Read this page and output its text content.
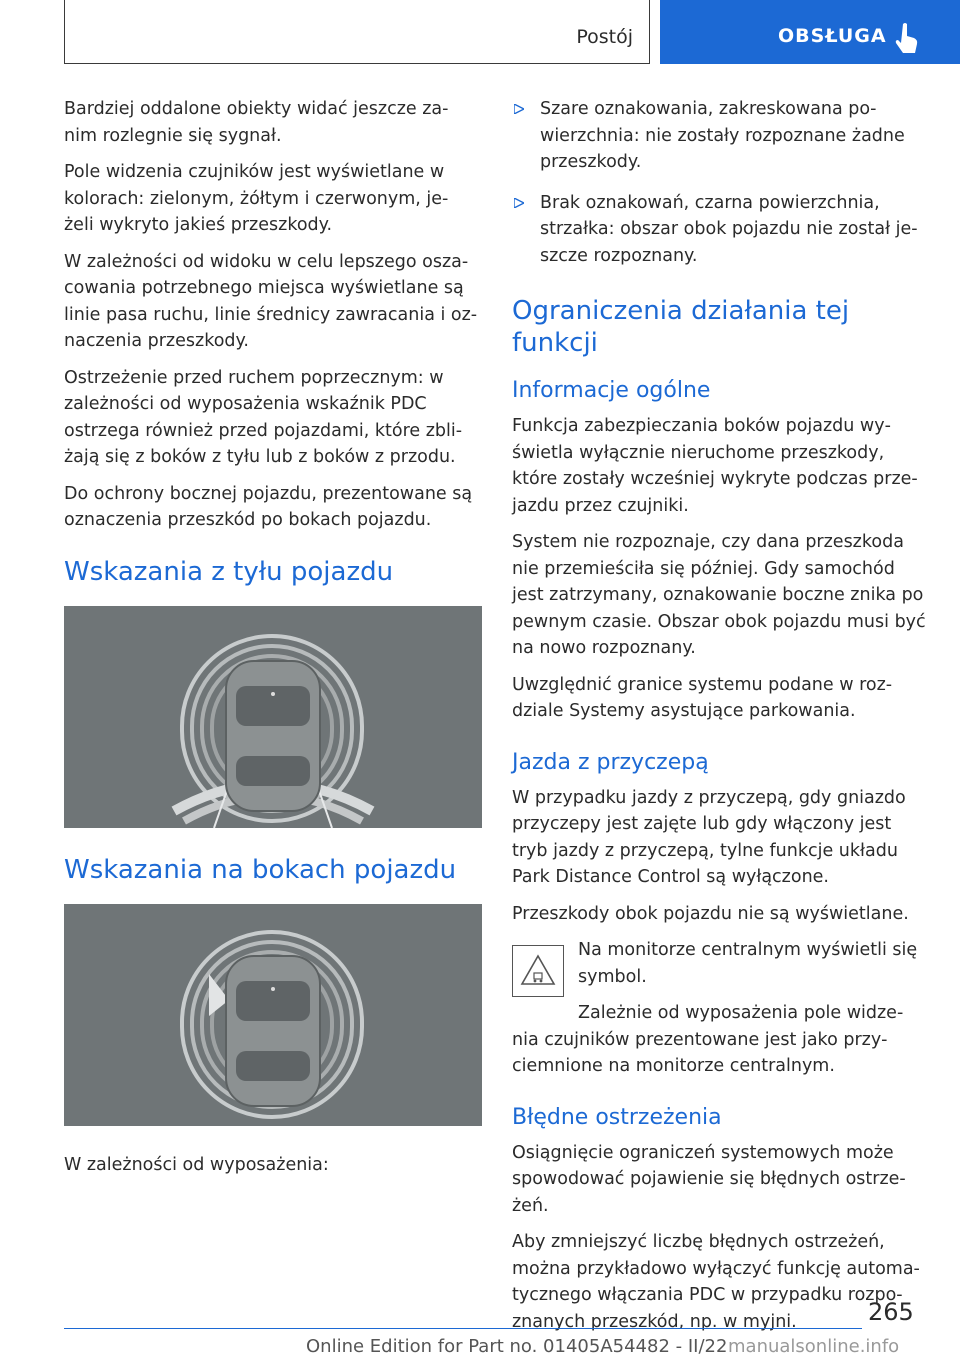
Postój	OBSŁUGA

Bardziej oddalone obiekty widać jeszcze za‐ nim rozlegnie się sygnał.

Pole widzenia czujników jest wyświetlane w kolorach: zielonym, żółtym i czerwonym, je‐ żeli wykryto jakieś przeszkody.

W zależności od widoku w celu lepszego osza‐ cowania potrzebnego miejsca wyświetlane są linie pasa ruchu, linie średnicy zawracania i oz‐ naczenia przeszkody.

Ostrzeżenie przed ruchem poprzecznym: w zależności od wyposażenia wskaźnik PDC ostrzega również przed pojazdami, które zbli‐ żają się z boków z tyłu lub z boków z przodu.

Do ochrony bocznej pojazdu, prezentowane są oznaczenia przeszkód po bokach pojazdu.

Wskazania z tyłu pojazdu
Wskazania na bokach pojazdu

W zależności od wyposażenia:

Szare oznakowania, zakreskowana po‐ wierzchnia: nie zostały rozpoznane żadne przeszkody.
Brak oznakowań, czarna powierzchnia, strzałka: obszar obok pojazdu nie został je‐ szcze rozpoznany.
Ograniczenia działania tej funkcji
Informacje ogólne

Funkcja zabezpieczania boków pojazdu wy‐ świetla wyłącznie nieruchome przeszkody, które zostały wcześniej wykryte podczas prze‐ jazdu przez czujniki.

System nie rozpoznaje, czy dana przeszkoda nie przemieściła się później. Gdy samochód jest zatrzymany, oznakowanie boczne znika po pewnym czasie. Obszar obok pojazdu musi być na nowo rozpoznany.

Uwzględnić granice systemu podane w roz‐ dziale Systemy asystujące parkowania.

Jazda z przyczepą

W przypadku jazdy z przyczepą, gdy gniazdo przyczepy jest zajęte lub gdy włączony jest tryb jazdy z przyczepą, tylne funkcje układu Park Distance Control są wyłączone.

Przeszkody obok pojazdu nie są wyświetlane.

Na monitorze centralnym wyświetli się symbol.

Zależnie od wyposażenia pole widze‐ nia czujników prezentowane jest jako przy‐ ciemnione na monitorze centralnym.

Błędne ostrzeżenia

Osiągnięcie ograniczeń systemowych może spowodować pojawienie się błędnych ostrze‐ żeń.

Aby zmniejszyć liczbę błędnych ostrzeżeń, można przykładowo wyłączyć funkcję automa‐ tycznego włączania PDC w przypadku rozpo‐ znanych przeszkód, np. w myjni.	265
Online Edition for Part no. 01405A54482 - II/22 manualsonline.info
